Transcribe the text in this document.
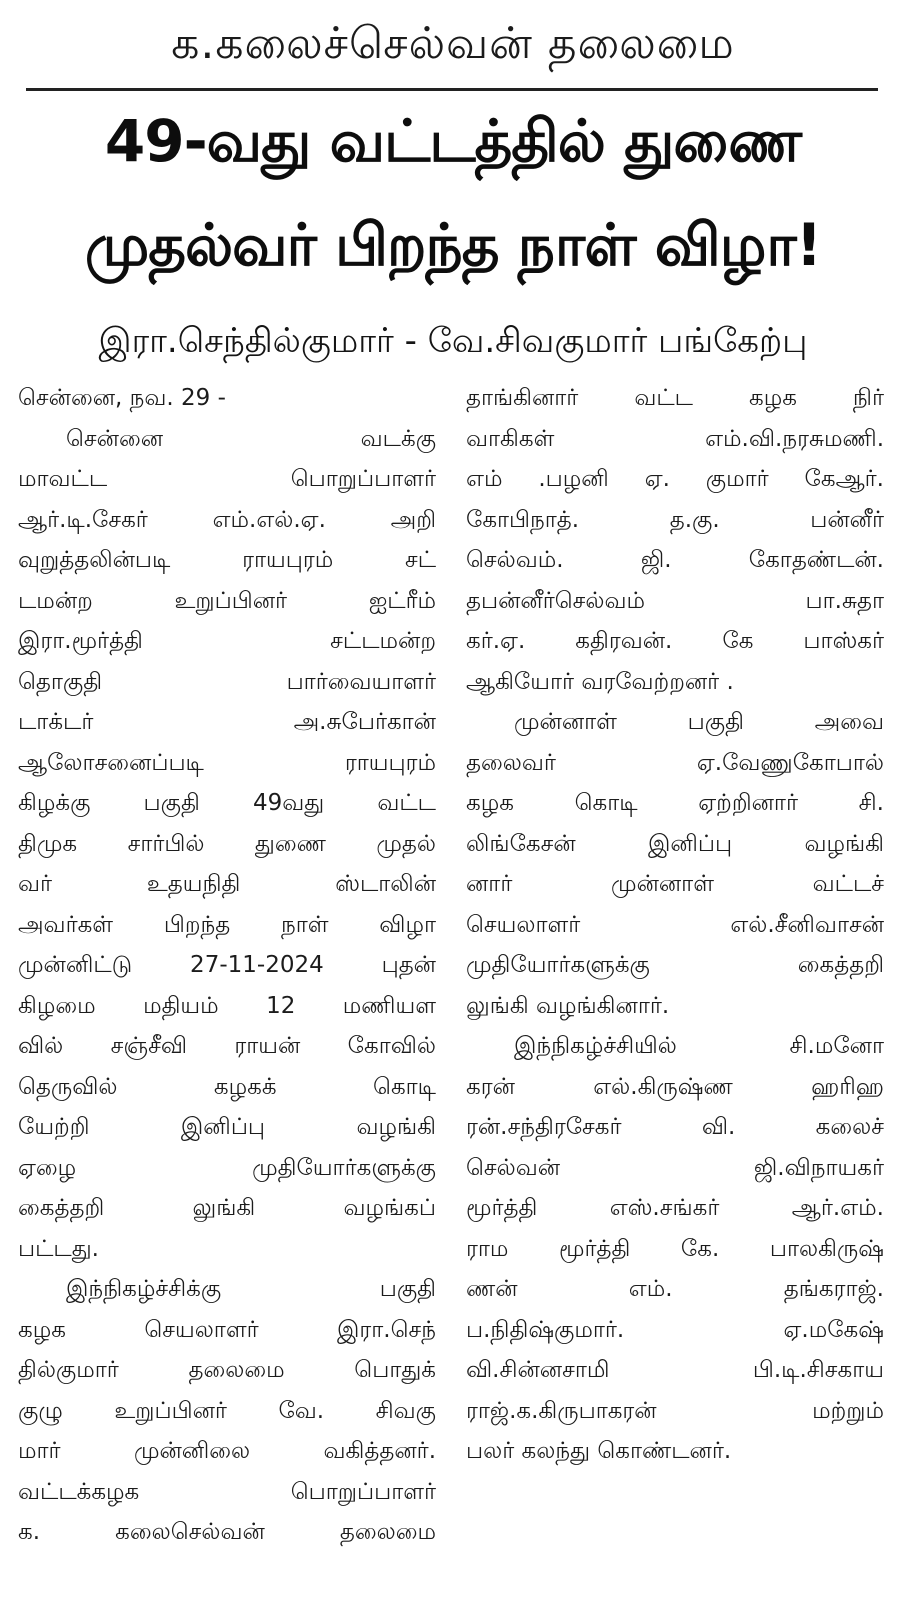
க.கலைச்செல்வன் தலைமை
49-வது வட்டத்தில் துணை
முதல்வர் பிறந்த நாள் விழா!
இரா.செந்தில்குமார் - வே.சிவகுமார் பங்கேற்பு
சென்னை, நவ. 29 -
சென்னை வடக்கு
மாவட்ட பொறுப்பாளர்
ஆர்.டி.சேகர் எம்.எல்.ஏ. அறி
வுறுத்தலின்படி ராயபுரம் சட்
டமன்ற உறுப்பினர் ஐட்ரீம்
இரா.மூர்த்தி சட்டமன்ற
தொகுதி பார்வையாளர்
டாக்டர் அ.சுபேர்கான்
ஆலோசனைப்படி ராயபுரம்
கிழக்கு பகுதி 49வது வட்ட
திமுக சார்பில் துணை முதல்
வர் உதயநிதி ஸ்டாலின்
அவர்கள் பிறந்த நாள் விழா
முன்னிட்டு 27-11-2024 புதன்
கிழமை மதியம் 12 மணியள
வில் சஞ்சீவி ராயன் கோவில்
தெருவில் கழகக் கொடி
யேற்றி இனிப்பு வழங்கி
ஏழை முதியோர்களுக்கு
கைத்தறி லுங்கி வழங்கப்
பட்டது.
இந்நிகழ்ச்சிக்கு பகுதி
கழக செயலாளர் இரா.செந்
தில்குமார் தலைமை பொதுக்
குழு உறுப்பினர் வே. சிவகு
மார் முன்னிலை வகித்தனர்.
வட்டக்கழக பொறுப்பாளர்
க. கலைசெல்வன் தலைமை
தாங்கினார் வட்ட கழக நிர்
வாகிகள் எம்.வி.நரசுமணி.
எம் .பழனி ஏ. குமார் கேஆர்.
கோபிநாத். த.கு. பன்னீர்
செல்வம். ஜி. கோதண்டன்.
தபன்னீர்செல்வம் பா.சுதா
கர்.ஏ. கதிரவன். கே பாஸ்கர்
ஆகியோர் வரவேற்றனர் .
முன்னாள் பகுதி அவை
தலைவர் ஏ.வேணுகோபால்
கழக கொடி ஏற்றினார் சி.
லிங்கேசன் இனிப்பு வழங்கி
னார் முன்னாள் வட்டச்
செயலாளர் எல்.சீனிவாசன்
முதியோர்களுக்கு கைத்தறி
லுங்கி வழங்கினார்.
இந்நிகழ்ச்சியில் சி.மனோ
கரன் எல்.கிருஷ்ண ஹரிஹ
ரன்.சந்திரசேகர் வி. கலைச்
செல்வன் ஜி.விநாயகர்
மூர்த்தி எஸ்.சங்கர் ஆர்.எம்.
ராம மூர்த்தி கே. பாலகிருஷ்
ணன் எம். தங்கராஜ்.
ப.நிதிஷ்குமார். ஏ.மகேஷ்
வி.சின்னசாமி பி.டி.சிசகாய
ராஜ்.க.கிருபாகரன் மற்றும்
பலர் கலந்து கொண்டனர்.
